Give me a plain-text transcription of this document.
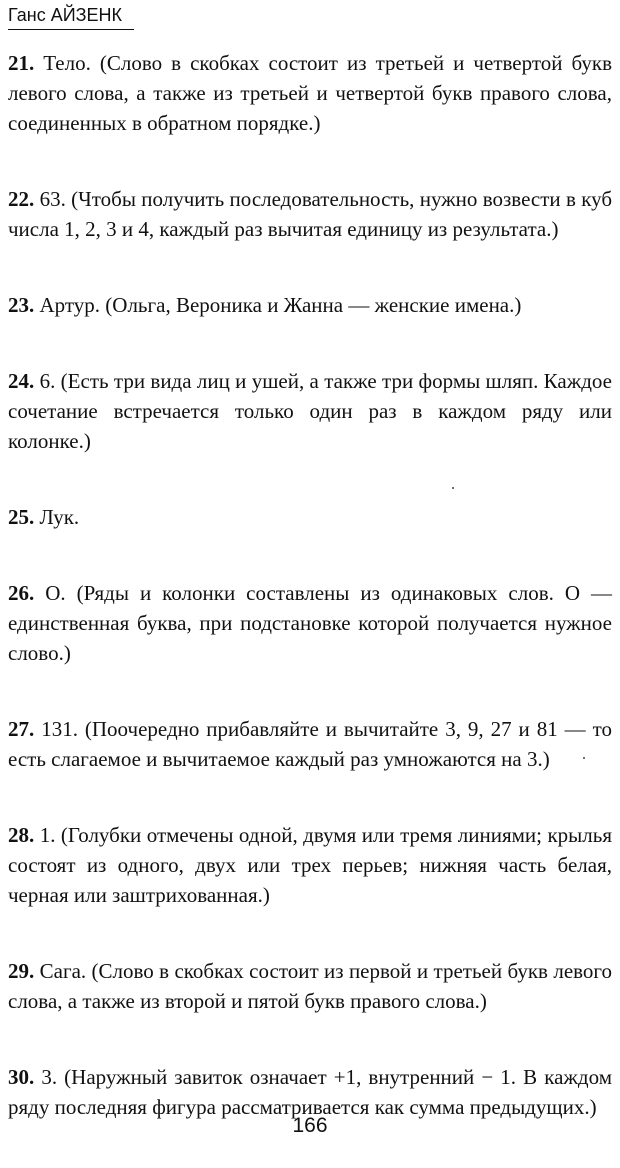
Ганс АЙЗЕНК

21. Тело. (Слово в скобках состоит из третьей и четвертой букв левого слова, а также из третьей и четвертой букв правого слова, соединенных в обратном порядке.)

22. 63. (Чтобы получить последовательность, нужно возвести в куб числа 1, 2, 3 и 4, каждый раз вычитая единицу из результата.)

23. Артур. (Ольга, Вероника и Жанна — женские имена.)

24. 6. (Есть три вида лиц и ушей, а также три формы шляп. Каждое сочетание встречается только один раз в каждом ряду или колонке.)

25. Лук.

26. О. (Ряды и колонки составлены из одинаковых слов. О — единственная буква, при подстановке которой получается нужное слово.)

27. 131. (Поочередно прибавляйте и вычитайте 3, 9, 27 и 81 — то есть слагаемое и вычитаемое каждый раз умножаются на 3.)

28. 1. (Голубки отмечены одной, двумя или тремя линиями; крылья состоят из одного, двух или трех перьев; нижняя часть белая, черная или заштрихованная.)

29. Сага. (Слово в скобках состоит из первой и третьей букв левого слова, а также из второй и пятой букв правого слова.)

30. 3. (Наружный завиток означает +1, внутренний − 1. В каждом ряду последняя фигура рассматривается как сумма предыдущих.)

166
